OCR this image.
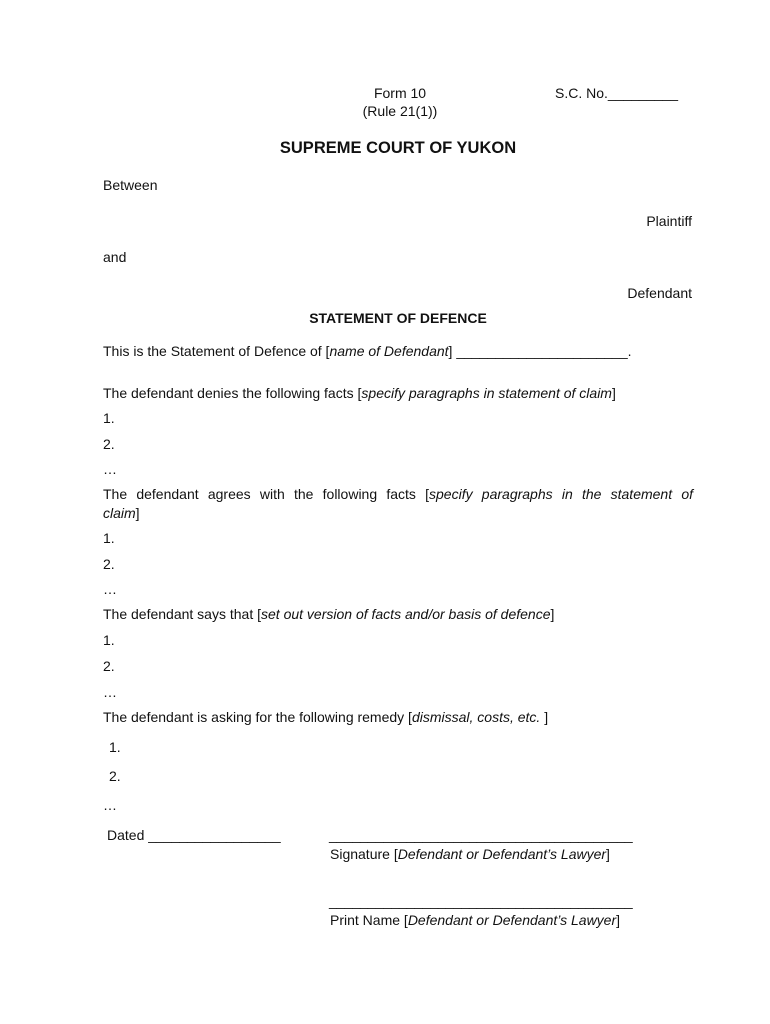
Form 10
(Rule 21(1))
S.C. No._________
SUPREME COURT OF YUKON
Between
Plaintiff
and
Defendant
STATEMENT OF DEFENCE
This is the Statement of Defence of [name of Defendant] ______________________.
The defendant denies the following facts [specify paragraphs in statement of claim]
1.
2.
…
The defendant agrees with the following facts [specify paragraphs in the statement of
claim]
1.
2.
…
The defendant says that [set out version of facts and/or basis of defence]
1.
2.
…
The defendant is asking for the following remedy [dismissal, costs, etc. ]
1.
2.
…
Dated _________________	_______________________________________
Signature [Defendant or Defendant’s Lawyer]
_______________________________________
Print Name [Defendant or Defendant’s Lawyer]
